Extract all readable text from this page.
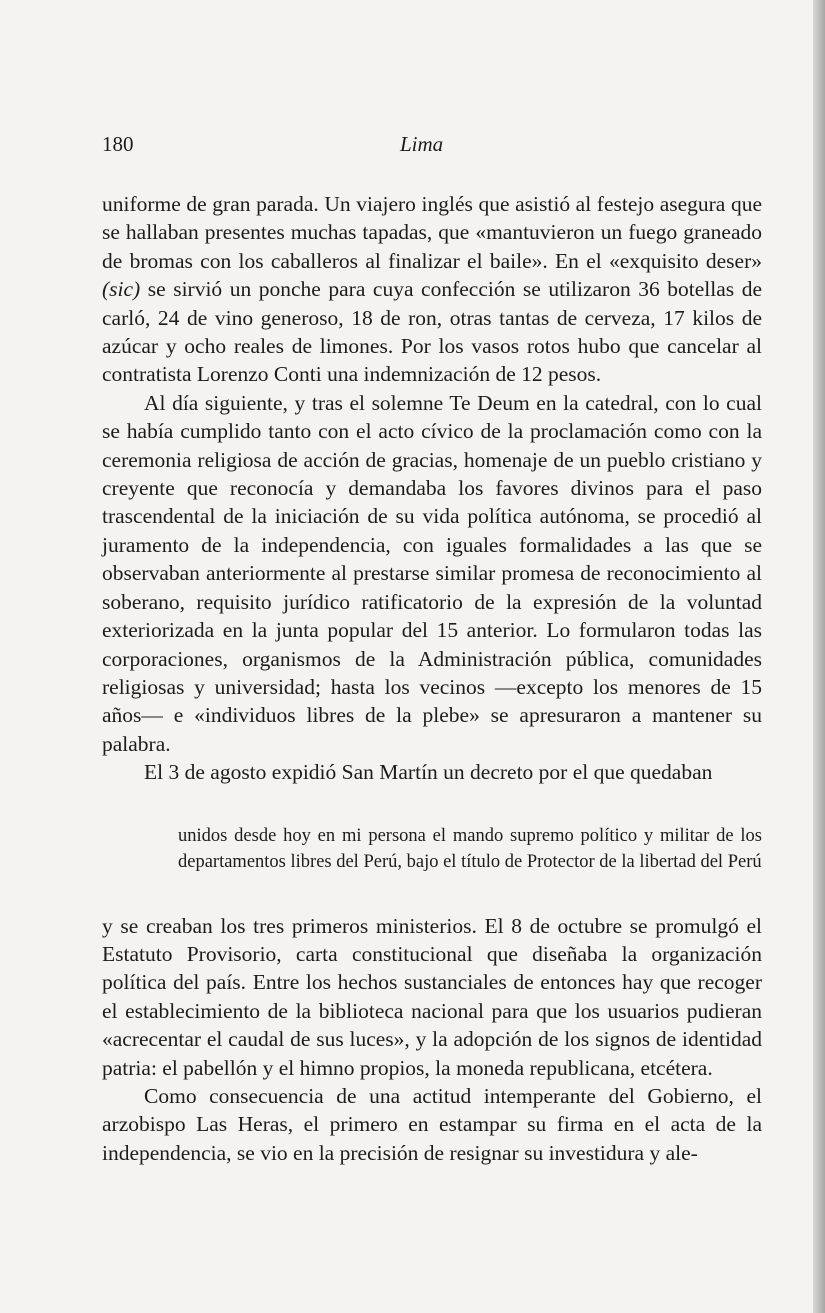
180	Lima

uniforme de gran parada. Un viajero inglés que asistió al festejo asegura que se hallaban presentes muchas tapadas, que «mantuvieron un fuego graneado de bromas con los caballeros al finalizar el baile». En el «exquisito deser» (sic) se sirvió un ponche para cuya confección se utilizaron 36 botellas de carló, 24 de vino generoso, 18 de ron, otras tantas de cerveza, 17 kilos de azúcar y ocho reales de limones. Por los vasos rotos hubo que cancelar al contratista Lorenzo Conti una indemnización de 12 pesos.

Al día siguiente, y tras el solemne Te Deum en la catedral, con lo cual se había cumplido tanto con el acto cívico de la proclamación como con la ceremonia religiosa de acción de gracias, homenaje de un pueblo cristiano y creyente que reconocía y demandaba los favores divinos para el paso trascendental de la iniciación de su vida política autónoma, se procedió al juramento de la independencia, con iguales formalidades a las que se observaban anteriormente al prestarse similar promesa de reconocimiento al soberano, requisito jurídico ratificatorio de la expresión de la voluntad exteriorizada en la junta popular del 15 anterior. Lo formularon todas las corporaciones, organismos de la Administración pública, comunidades religiosas y universidad; hasta los vecinos —excepto los menores de 15 años— e «individuos libres de la plebe» se apresuraron a mantener su palabra.

El 3 de agosto expidió San Martín un decreto por el que quedaban

unidos desde hoy en mi persona el mando supremo político y militar de los departamentos libres del Perú, bajo el título de Protector de la libertad del Perú

y se creaban los tres primeros ministerios. El 8 de octubre se promulgó el Estatuto Provisorio, carta constitucional que diseñaba la organización política del país. Entre los hechos sustanciales de entonces hay que recoger el establecimiento de la biblioteca nacional para que los usuarios pudieran «acrecentar el caudal de sus luces», y la adopción de los signos de identidad patria: el pabellón y el himno propios, la moneda republicana, etcétera.

Como consecuencia de una actitud intemperante del Gobierno, el arzobispo Las Heras, el primero en estampar su firma en el acta de la independencia, se vio en la precisión de resignar su investidura y ale-
